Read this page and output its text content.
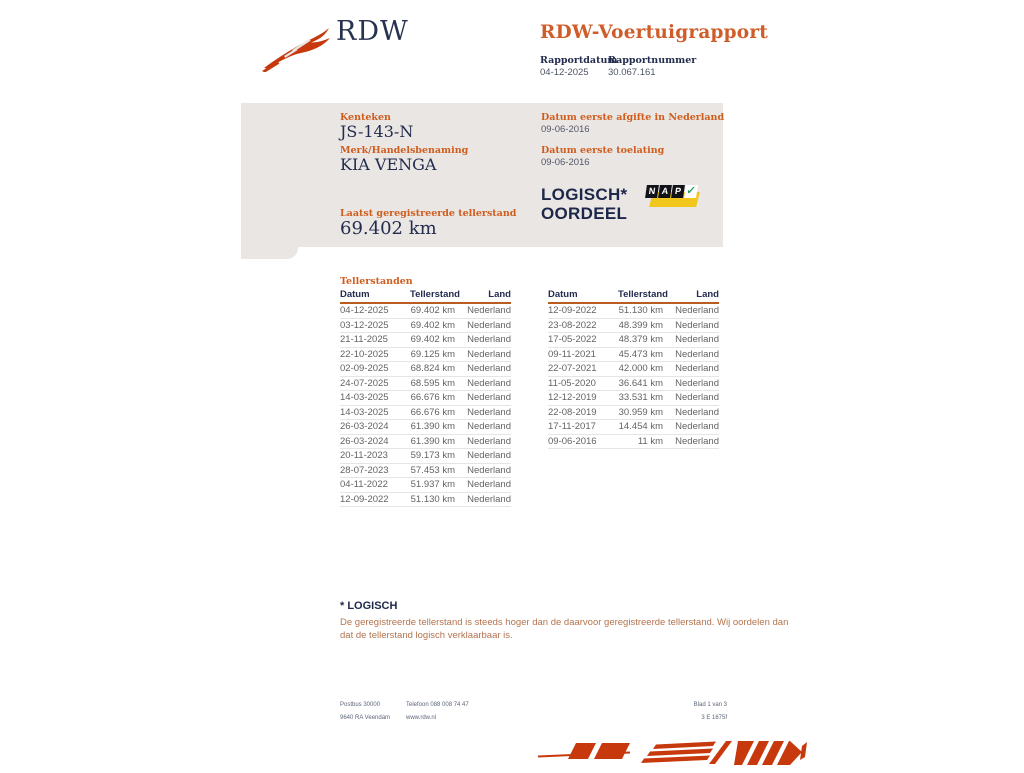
RDW	RDW-Voertuigrapport
Rapportdatum
04-12-2025
Rapportnummer
30.067.161
Kenteken
JS-143-N
Merk/Handelsbenaming
KIA VENGA
Datum eerste afgifte in Nederland
09-06-2016
Datum eerste toelating
09-06-2016
LOGISCH*
OORDEEL
N A P ✓
Laatst geregistreerde tellerstand
69.402 km
Tellerstanden
Datum	Tellerstand	Land
04-12-2025	69.402 km	Nederland
03-12-2025	69.402 km	Nederland
21-11-2025	69.402 km	Nederland
22-10-2025	69.125 km	Nederland
02-09-2025	68.824 km	Nederland
24-07-2025	68.595 km	Nederland
14-03-2025	66.676 km	Nederland
14-03-2025	66.676 km	Nederland
26-03-2024	61.390 km	Nederland
26-03-2024	61.390 km	Nederland
20-11-2023	59.173 km	Nederland
28-07-2023	57.453 km	Nederland
04-11-2022	51.937 km	Nederland
12-09-2022	51.130 km	Nederland
Datum	Tellerstand	Land
12-09-2022	51.130 km	Nederland
23-08-2022	48.399 km	Nederland
17-05-2022	48.379 km	Nederland
09-11-2021	45.473 km	Nederland
22-07-2021	42.000 km	Nederland
11-05-2020	36.641 km	Nederland
12-12-2019	33.531 km	Nederland
22-08-2019	30.959 km	Nederland
17-11-2017	14.454 km	Nederland
09-06-2016	11 km	Nederland
* LOGISCH
De geregistreerde tellerstand is steeds hoger dan de daarvoor geregistreerde tellerstand. Wij oordelen dan
dat de tellerstand logisch verklaarbaar is.
Postbus 30000
9640 RA Veendam
Telefoon 088 008 74 47
www.rdw.nl
Blad 1 van 3
3 E 1675f
